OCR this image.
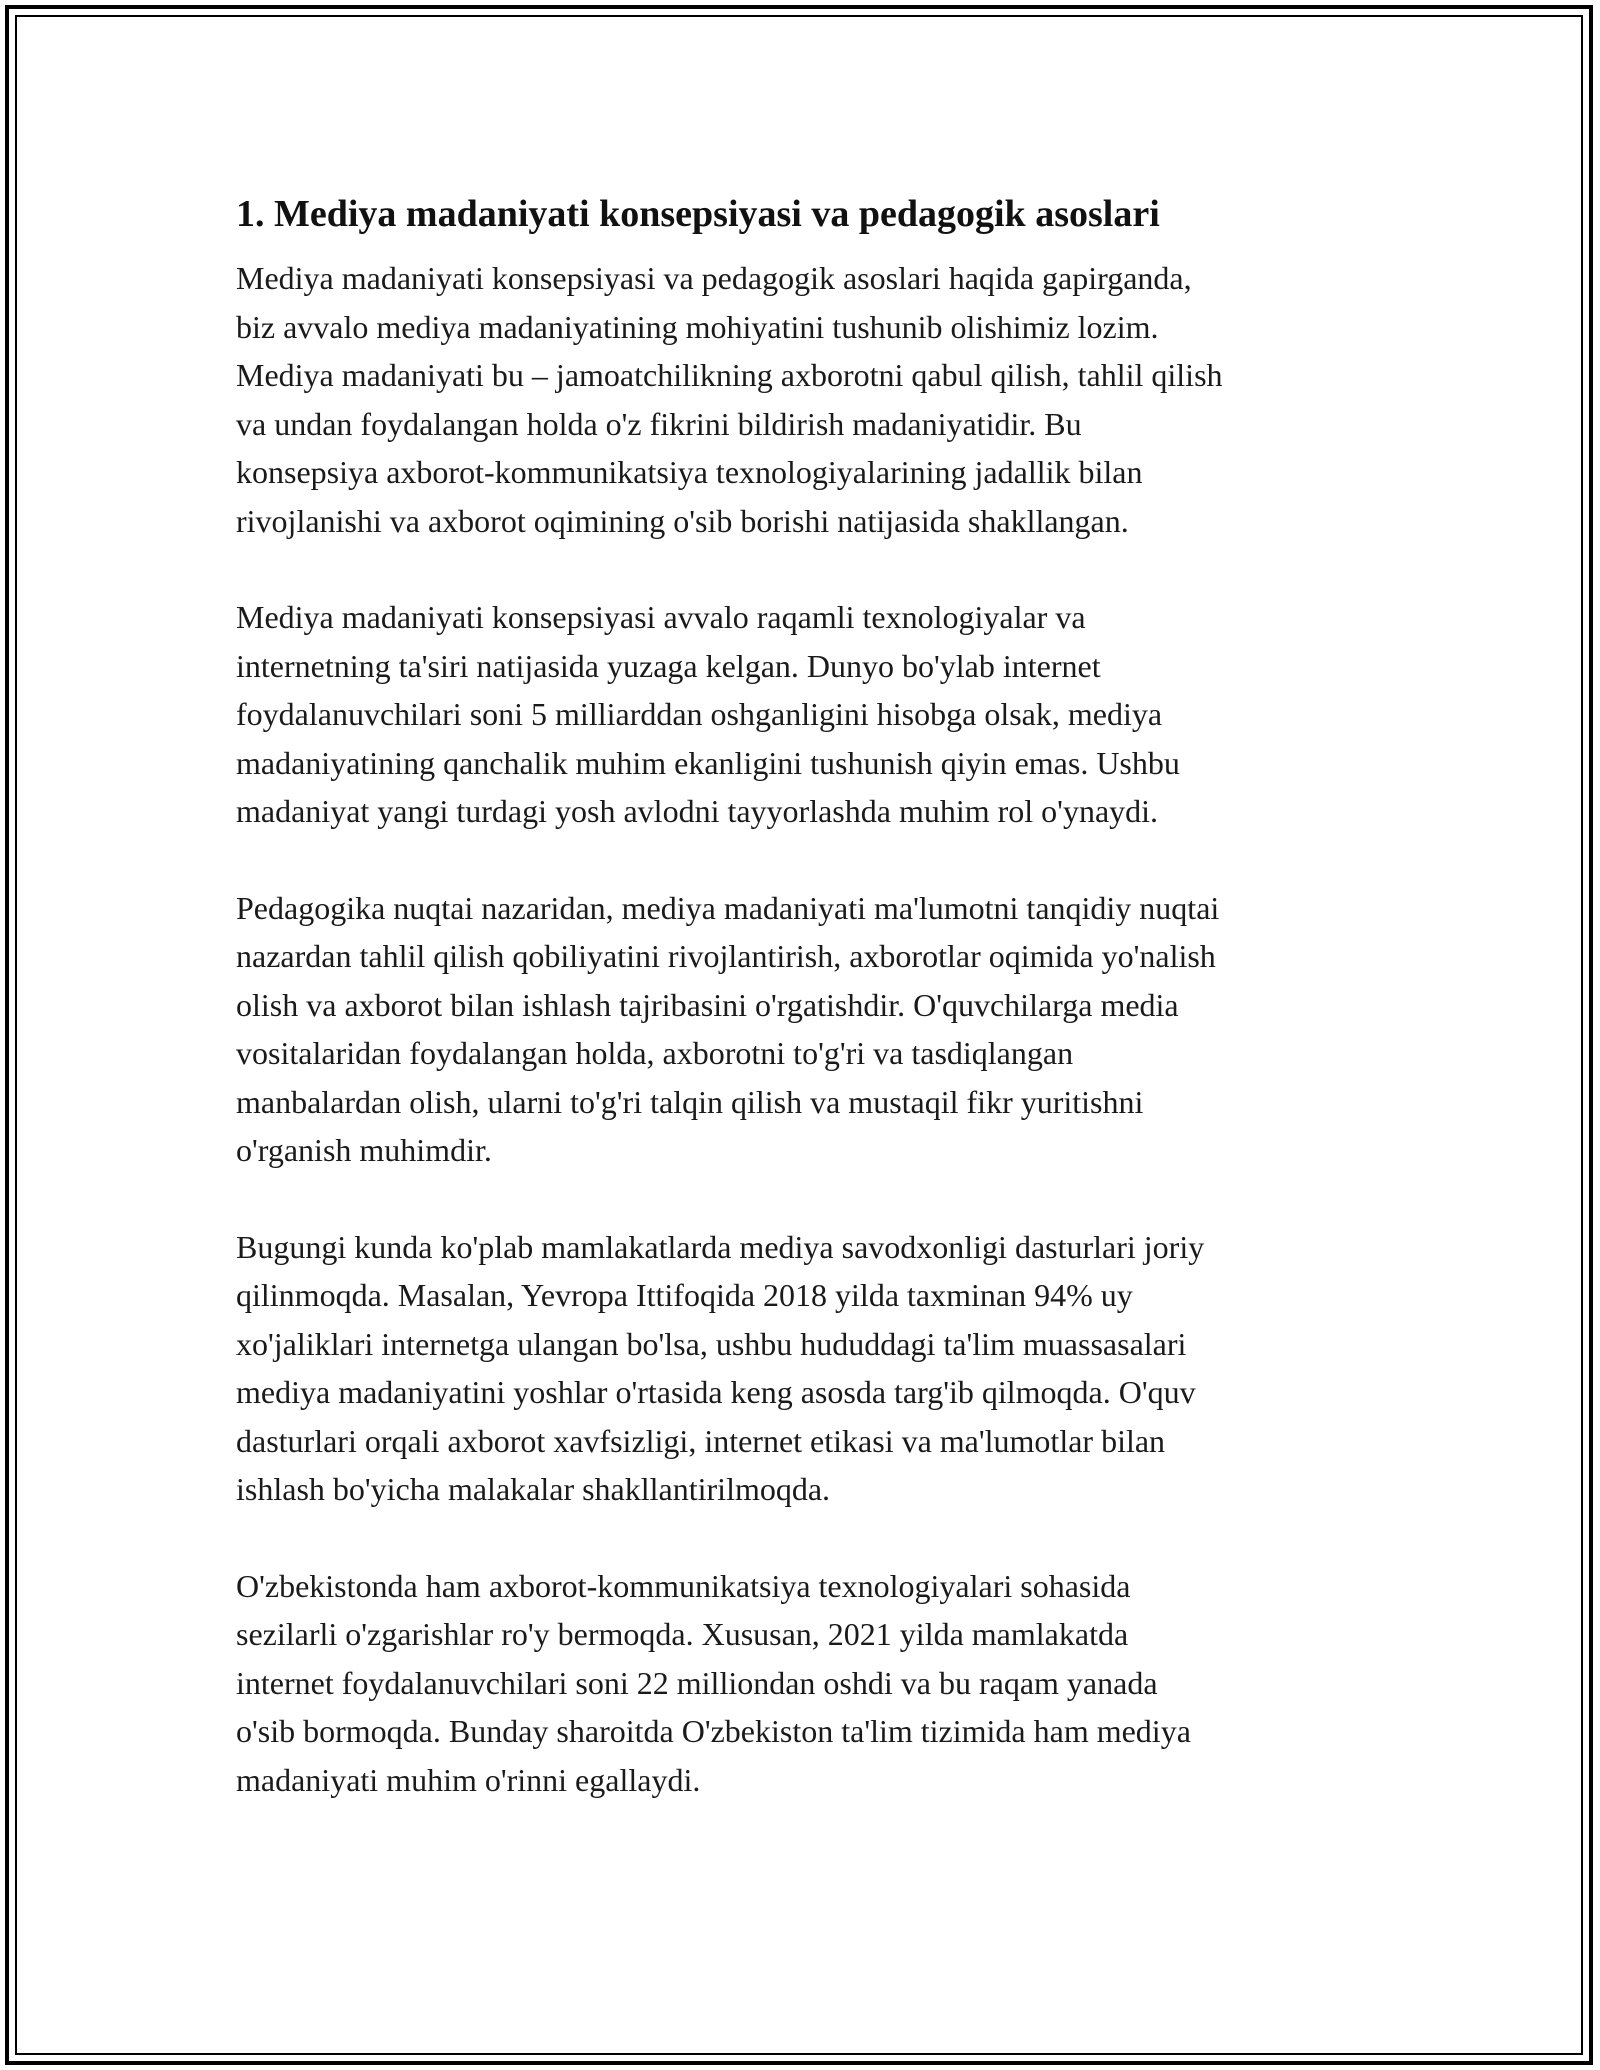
1. Mediya madaniyati konsepsiyasi va pedagogik asoslari

Mediya madaniyati konsepsiyasi va pedagogik asoslari haqida gapirganda,
biz avvalo mediya madaniyatining mohiyatini tushunib olishimiz lozim.
Mediya madaniyati bu – jamoatchilikning axborotni qabul qilish, tahlil qilish
va undan foydalangan holda o'z fikrini bildirish madaniyatidir. Bu
konsepsiya axborot-kommunikatsiya texnologiyalarining jadallik bilan
rivojlanishi va axborot oqimining o'sib borishi natijasida shakllangan.

Mediya madaniyati konsepsiyasi avvalo raqamli texnologiyalar va
internetning ta'siri natijasida yuzaga kelgan. Dunyo bo'ylab internet
foydalanuvchilari soni 5 milliarddan oshganligini hisobga olsak, mediya
madaniyatining qanchalik muhim ekanligini tushunish qiyin emas. Ushbu
madaniyat yangi turdagi yosh avlodni tayyorlashda muhim rol o'ynaydi.

Pedagogika nuqtai nazaridan, mediya madaniyati ma'lumotni tanqidiy nuqtai
nazardan tahlil qilish qobiliyatini rivojlantirish, axborotlar oqimida yo'nalish
olish va axborot bilan ishlash tajribasini o'rgatishdir. O'quvchilarga media
vositalaridan foydalangan holda, axborotni to'g'ri va tasdiqlangan
manbalardan olish, ularni to'g'ri talqin qilish va mustaqil fikr yuritishni
o'rganish muhimdir.

Bugungi kunda ko'plab mamlakatlarda mediya savodxonligi dasturlari joriy
qilinmoqda. Masalan, Yevropa Ittifoqida 2018 yilda taxminan 94% uy
xo'jaliklari internetga ulangan bo'lsa, ushbu hududdagi ta'lim muassasalari
mediya madaniyatini yoshlar o'rtasida keng asosda targ'ib qilmoqda. O'quv
dasturlari orqali axborot xavfsizligi, internet etikasi va ma'lumotlar bilan
ishlash bo'yicha malakalar shakllantirilmoqda.

O'zbekistonda ham axborot-kommunikatsiya texnologiyalari sohasida
sezilarli o'zgarishlar ro'y bermoqda. Xususan, 2021 yilda mamlakatda
internet foydalanuvchilari soni 22 milliondan oshdi va bu raqam yanada
o'sib bormoqda. Bunday sharoitda O'zbekiston ta'lim tizimida ham mediya
madaniyati muhim o'rinni egallaydi.
